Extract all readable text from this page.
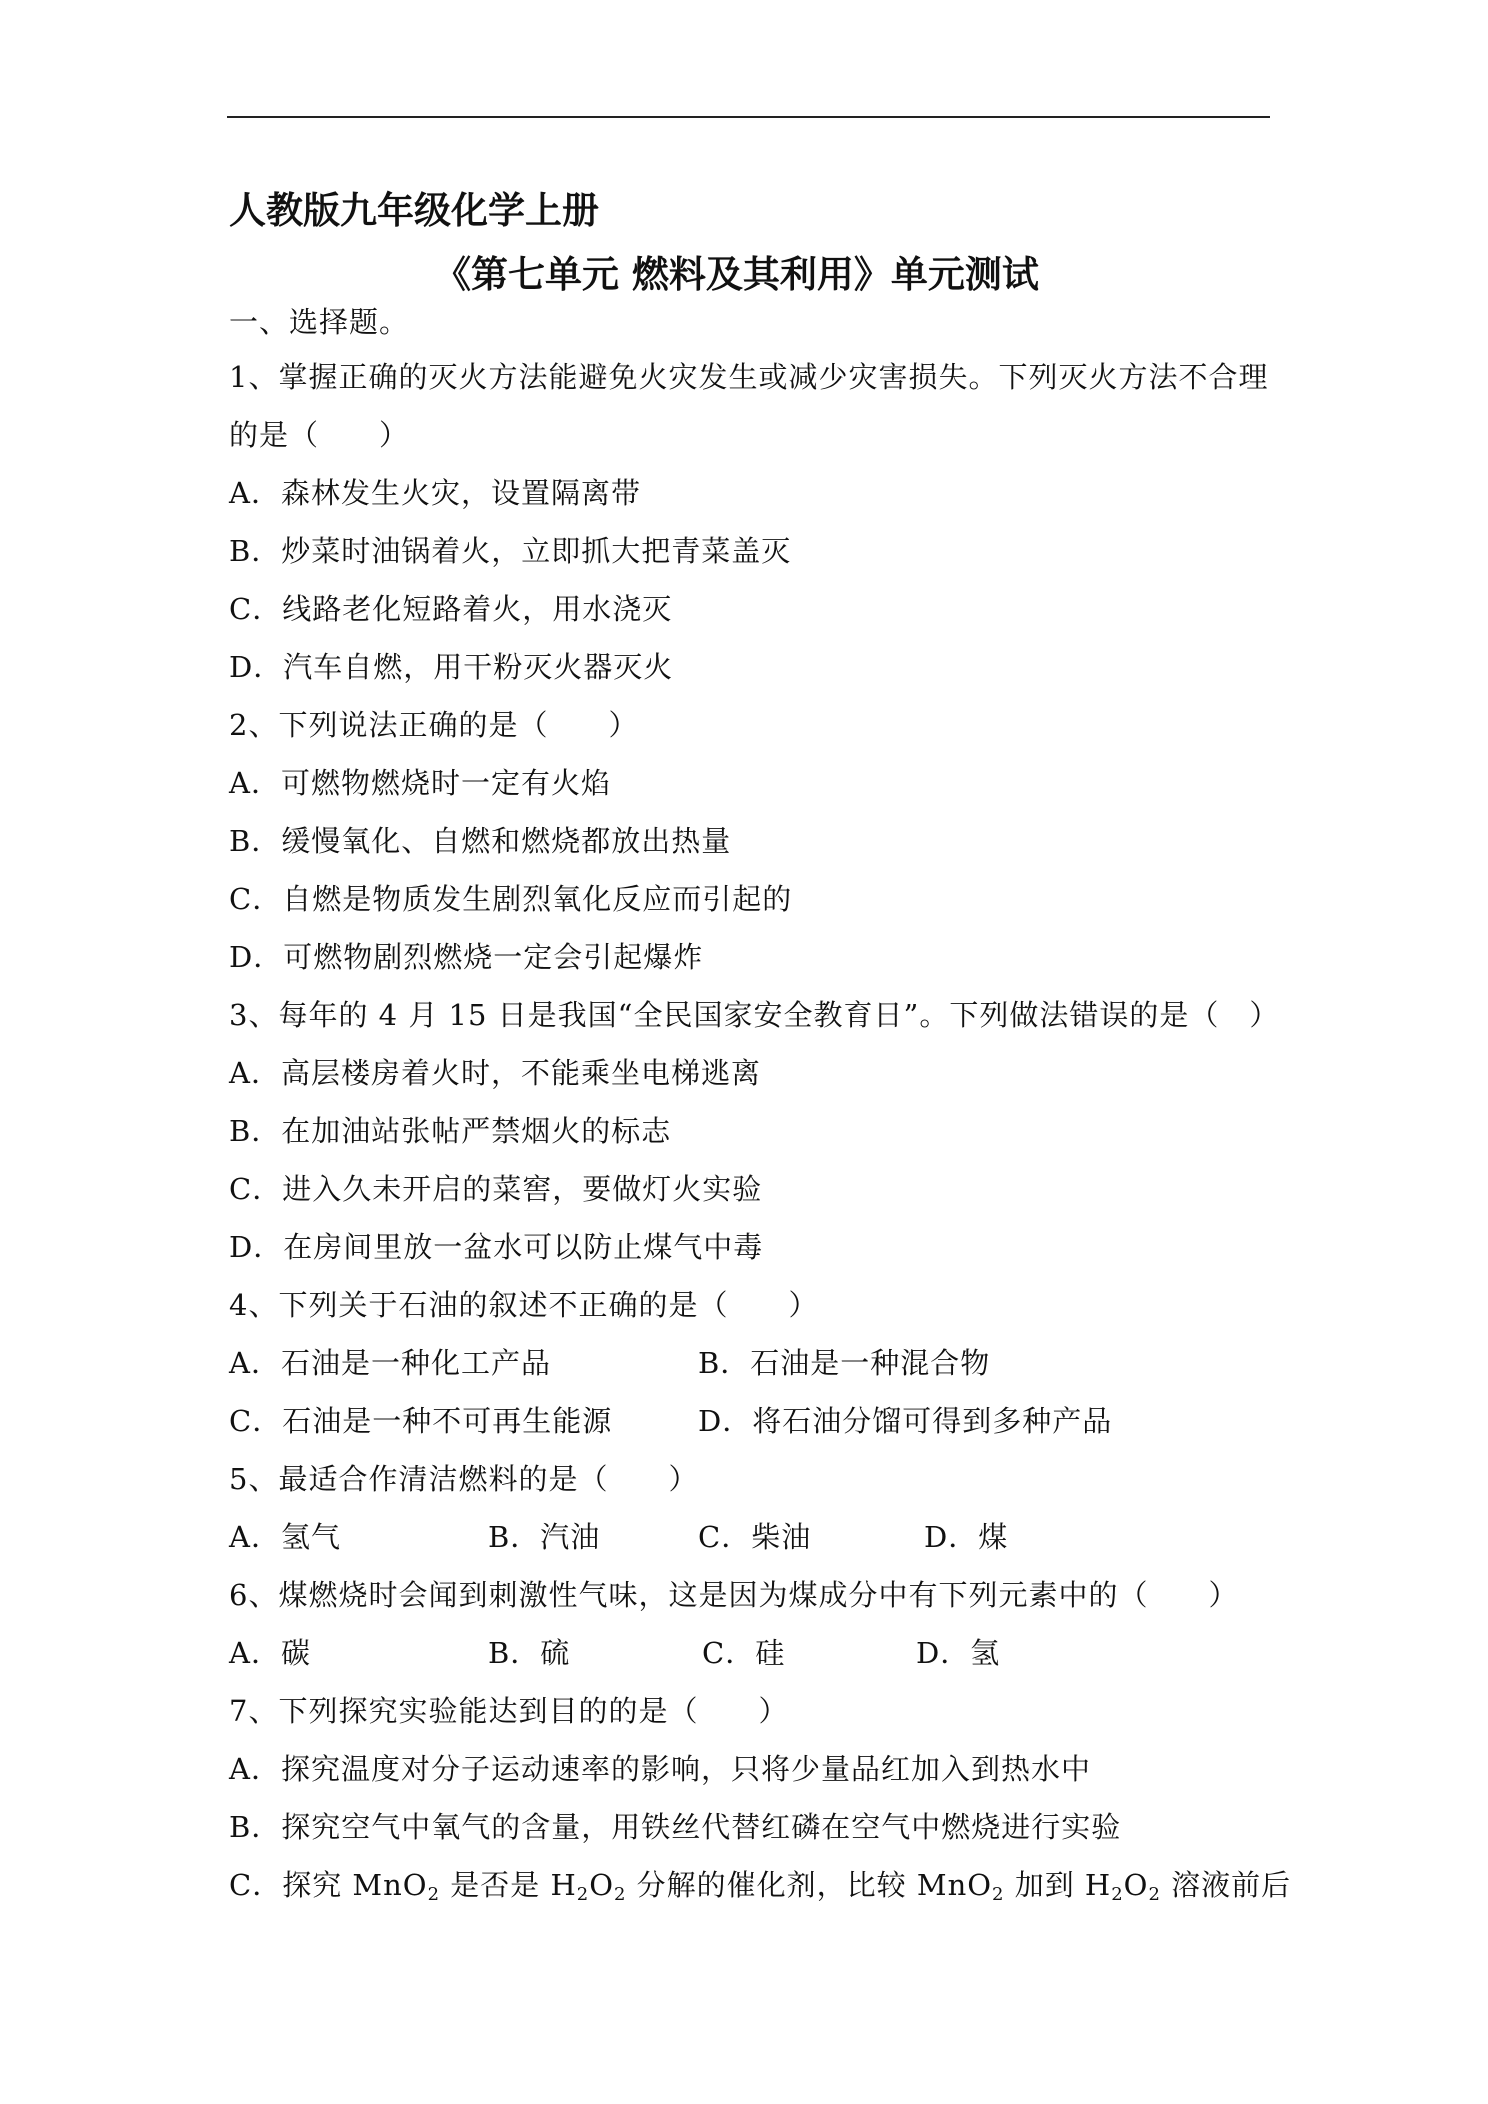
人教版九年级化学上册
《第七单元 燃料及其利用》单元测试
一、选择题。
1、掌握正确的灭火方法能避免火灾发生或减少灾害损失。下列灭火方法不合理
的是（　　）
A．森林发生火灾，设置隔离带
B．炒菜时油锅着火，立即抓大把青菜盖灭
C．线路老化短路着火，用水浇灭
D．汽车自燃，用干粉灭火器灭火
2、下列说法正确的是（　　）
A．可燃物燃烧时一定有火焰
B．缓慢氧化、自燃和燃烧都放出热量
C．自燃是物质发生剧烈氧化反应而引起的
D．可燃物剧烈燃烧一定会引起爆炸
3、每年的 4 月 15 日是我国“全民国家安全教育日”。下列做法错误的是（　）
A．高层楼房着火时，不能乘坐电梯逃离
B．在加油站张帖严禁烟火的标志
C．进入久未开启的菜窖，要做灯火实验
D．在房间里放一盆水可以防止煤气中毒
4、下列关于石油的叙述不正确的是（　　）
A．石油是一种化工产品	B．石油是一种混合物
C．石油是一种不可再生能源	D．将石油分馏可得到多种产品
5、最适合作清洁燃料的是（　　）
A．氢气	B．汽油	C．柴油	D．煤
6、煤燃烧时会闻到刺激性气味，这是因为煤成分中有下列元素中的（　　）
A．碳	B．硫	C．硅	D．氢
7、下列探究实验能达到目的的是（　　）
A．探究温度对分子运动速率的影响，只将少量品红加入到热水中
B．探究空气中氧气的含量，用铁丝代替红磷在空气中燃烧进行实验
C．探究 MnO$_2$ 是否是 $H_2O_2$ 分解的催化剂，比较 MnO$_2$ 加到 $H_2O_2$ 溶液前后
